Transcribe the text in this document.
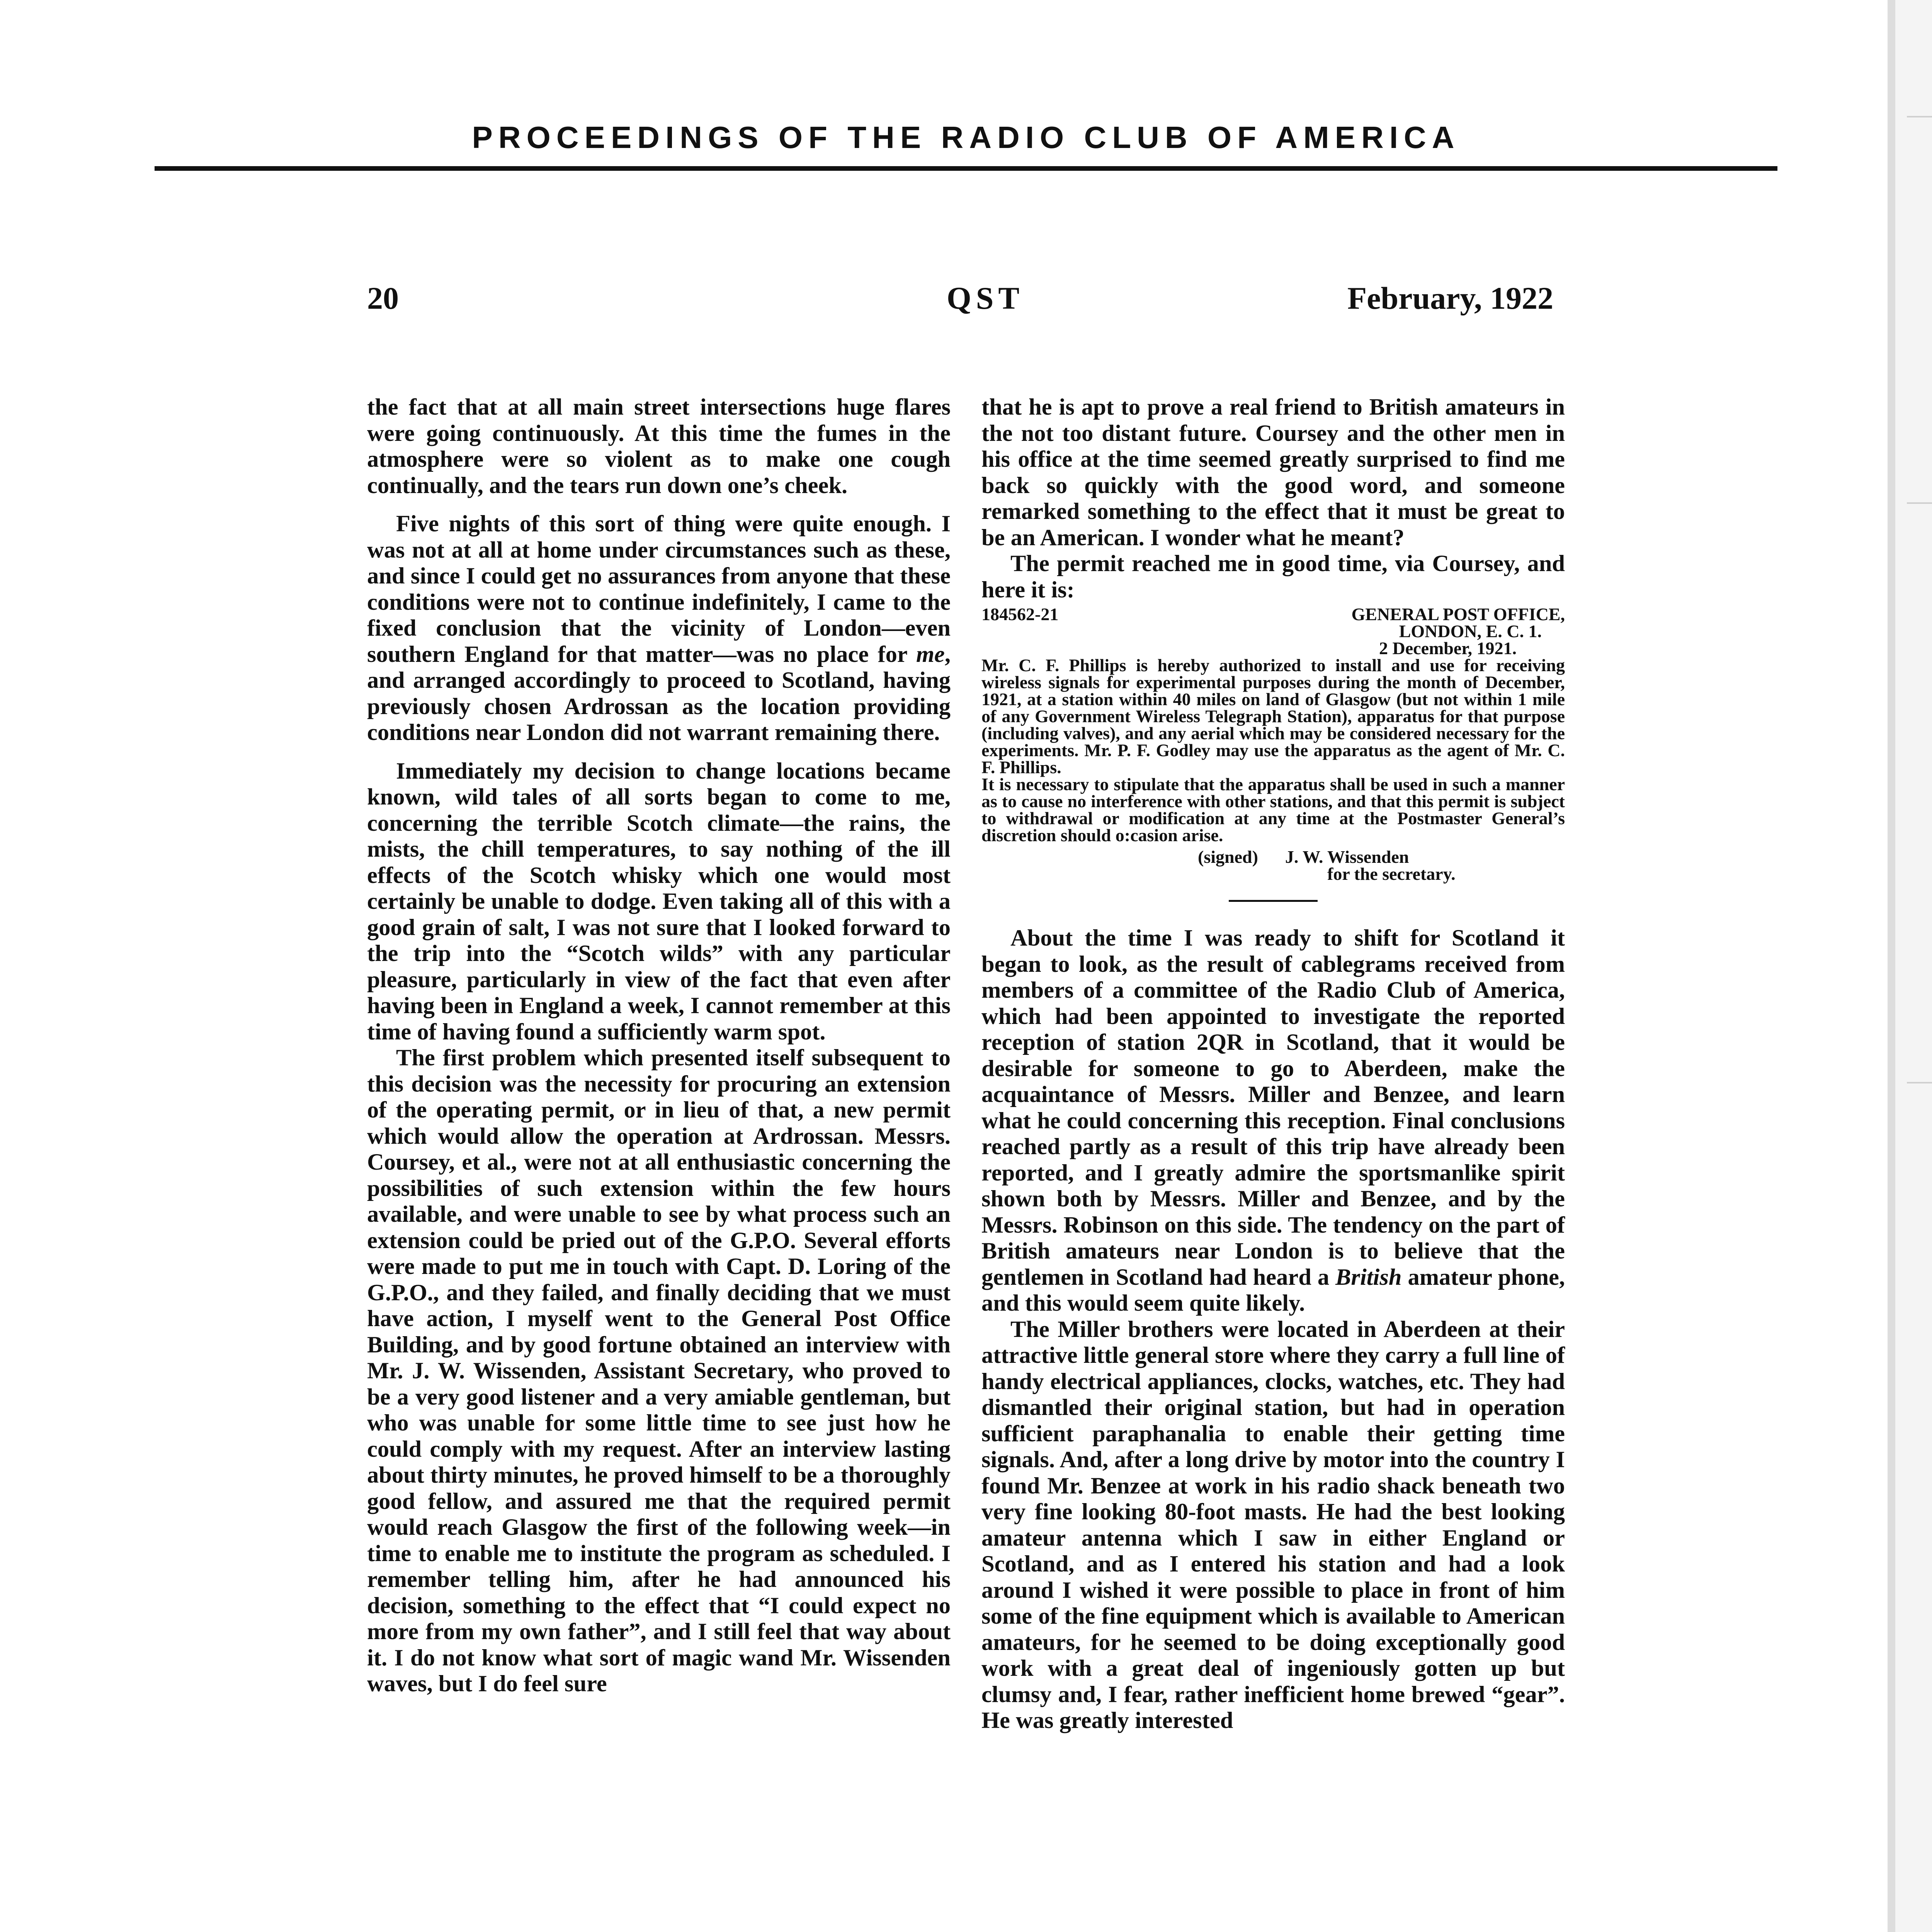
PROCEEDINGS OF THE RADIO CLUB OF AMERICA
20	QST	February, 1922

the fact that at all main street intersections huge flares were going continuously. At this time the fumes in the atmosphere were so violent as to make one cough continually, and the tears run down one’s cheek.

Five nights of this sort of thing were quite enough. I was not at all at home under circumstances such as these, and since I could get no assurances from anyone that these conditions were not to continue indefinitely, I came to the fixed conclusion that the vicinity of London—even southern England for that matter—was no place for me, and arranged accordingly to proceed to Scotland, having previously chosen Ardrossan as the location providing conditions near London did not warrant remaining there.

Immediately my decision to change locations became known, wild tales of all sorts began to come to me, concerning the terrible Scotch climate—the rains, the mists, the chill temperatures, to say nothing of the ill effects of the Scotch whisky which one would most certainly be unable to dodge. Even taking all of this with a good grain of salt, I was not sure that I looked forward to the trip into the “Scotch wilds” with any particular pleasure, particularly in view of the fact that even after having been in England a week, I cannot remember at this time of having found a sufficiently warm spot.

The first problem which presented itself subsequent to this decision was the necessity for procuring an extension of the operating permit, or in lieu of that, a new permit which would allow the operation at Ardrossan. Messrs. Coursey, et al., were not at all enthusiastic concerning the possibilities of such extension within the few hours available, and were unable to see by what process such an extension could be pried out of the G.P.O. Several efforts were made to put me in touch with Capt. D. Loring of the G.P.O., and they failed, and finally deciding that we must have action, I myself went to the General Post Office Building, and by good fortune obtained an interview with Mr. J. W. Wissenden, Assistant Secretary, who proved to be a very good listener and a very amiable gentleman, but who was unable for some little time to see just how he could comply with my request. After an interview lasting about thirty minutes, he proved himself to be a thoroughly good fellow, and assured me that the required permit would reach Glasgow the first of the following week—in time to enable me to institute the program as scheduled. I remember telling him, after he had announced his decision, something to the effect that “I could expect no more from my own father”, and I still feel that way about it. I do not know what sort of magic wand Mr. Wissenden waves, but I do feel sure

that he is apt to prove a real friend to British amateurs in the not too distant future. Coursey and the other men in his office at the time seemed greatly surprised to find me back so quickly with the good word, and someone remarked something to the effect that it must be great to be an American. I wonder what he meant?

The permit reached me in good time, via Coursey, and here it is:

184562-21	GENERAL POST OFFICE,
LONDON, E. C. 1.
2 December, 1921.
Mr. C. F. Phillips is hereby authorized to install and use for receiving wireless signals for experimental purposes during the month of December, 1921, at a station within 40 miles on land of Glasgow (but not within 1 mile of any Government Wireless Telegraph Station), apparatus for that purpose (including valves), and any aerial which may be considered necessary for the experiments. Mr. P. F. Godley may use the apparatus as the agent of Mr. C. F. Phillips.
It is necessary to stipulate that the apparatus shall be used in such a manner as to cause no interference with other stations, and that this permit is subject to withdrawal or modification at any time at the Postmaster General’s discretion should o:casion arise.
(signed) J. W. Wissenden
for the secretary.

About the time I was ready to shift for Scotland it began to look, as the result of cablegrams received from members of a committee of the Radio Club of America, which had been appointed to investigate the reported reception of station 2QR in Scotland, that it would be desirable for someone to go to Aberdeen, make the acquaintance of Messrs. Miller and Benzee, and learn what he could concerning this reception. Final conclusions reached partly as a result of this trip have already been reported, and I greatly admire the sportsmanlike spirit shown both by Messrs. Miller and Benzee, and by the Messrs. Robinson on this side. The tendency on the part of British amateurs near London is to believe that the gentlemen in Scotland had heard a British amateur phone, and this would seem quite likely.

The Miller brothers were located in Aberdeen at their attractive little general store where they carry a full line of handy electrical appliances, clocks, watches, etc. They had dismantled their original station, but had in operation sufficient paraphanalia to enable their getting time signals. And, after a long drive by motor into the country I found Mr. Benzee at work in his radio shack beneath two very fine looking 80-foot masts. He had the best looking amateur antenna which I saw in either England or Scotland, and as I entered his station and had a look around I wished it were possible to place in front of him some of the fine equipment which is available to American amateurs, for he seemed to be doing exceptionally good work with a great deal of ingeniously gotten up but clumsy and, I fear, rather inefficient home brewed “gear”. He was greatly interested
